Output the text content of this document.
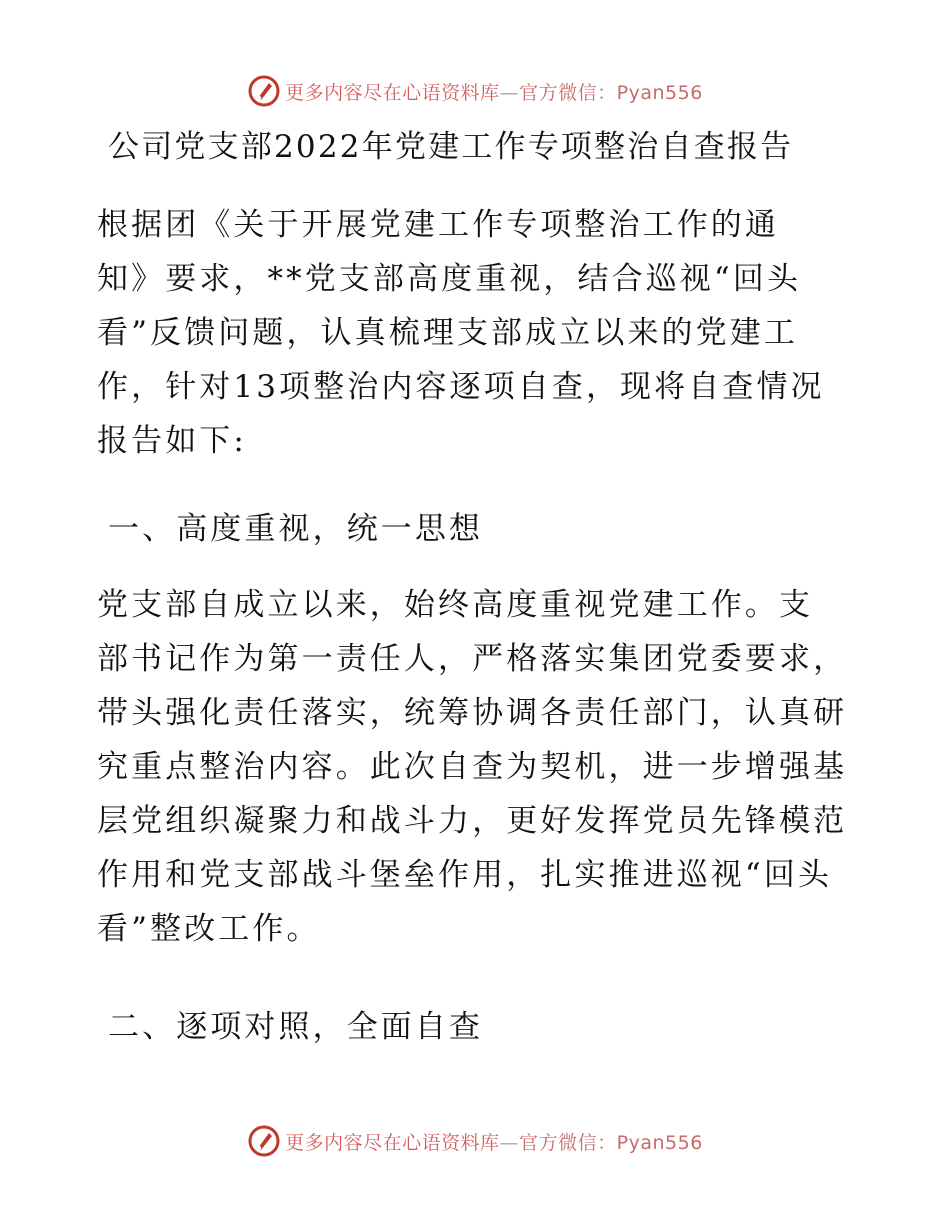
更多内容尽在心语资料库—官方微信：Pyan556
公司党支部2022年党建工作专项整治自查报告
根据团《关于开展党建工作专项整治工作的通
知》要求，**党支部高度重视，结合巡视“回头
看”反馈问题，认真梳理支部成立以来的党建工
作，针对13项整治内容逐项自查，现将自查情况
报告如下:
一、高度重视，统一思想
党支部自成立以来，始终高度重视党建工作。支
部书记作为第一责任人，严格落实集团党委要求，
带头强化责任落实，统筹协调各责任部门，认真研
究重点整治内容。此次自查为契机，进一步增强基
层党组织凝聚力和战斗力，更好发挥党员先锋模范
作用和党支部战斗堡垒作用，扎实推进巡视“回头
看”整改工作。
二、逐项对照，全面自查
更多内容尽在心语资料库—官方微信：Pyan556
